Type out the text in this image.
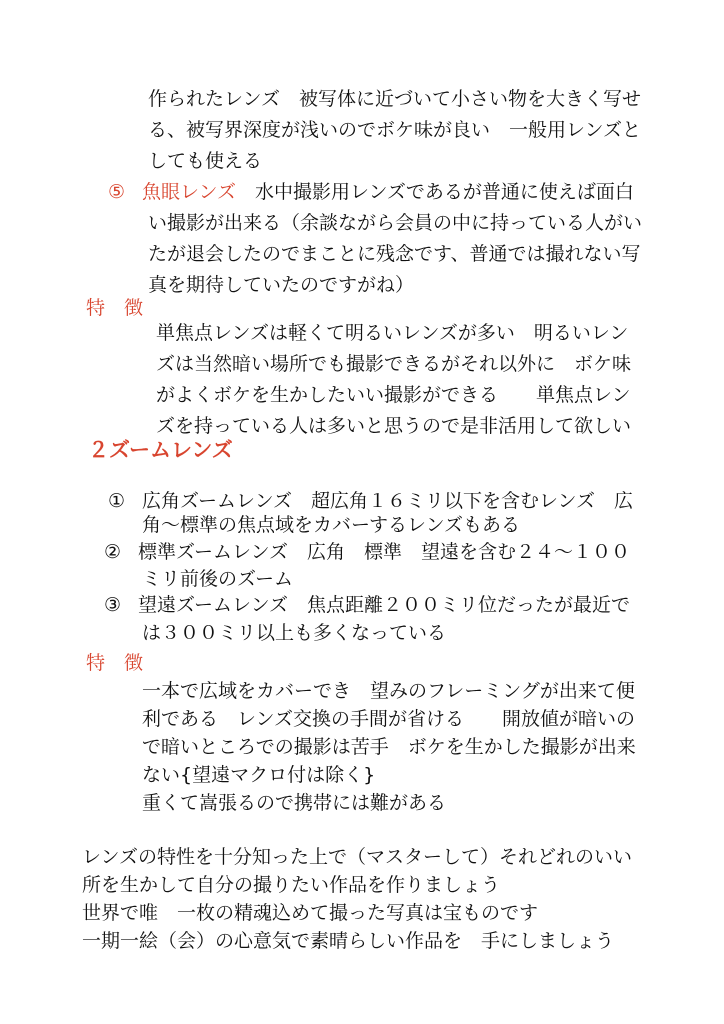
作られたレンズ　被写体に近づいて小さい物を大きく写せ

る、被写界深度が浅いのでボケ味が良い　一般用レンズと

しても使える

⑤ 魚眼レンズ　水中撮影用レンズであるが普通に使えば面白

い撮影が出来る（余談ながら会員の中に持っている人がい

たが退会したのでまことに残念です、普通では撮れない写

真を期待していたのですがね）

特　徴

単焦点レンズは軽くて明るいレンズが多い　明るいレン

ズは当然暗い場所でも撮影できるがそれ以外に　ボケ味

がよくボケを生かしたいい撮影ができる　　単焦点レン

ズを持っている人は多いと思うので是非活用して欲しい

２ズームレンズ

① 広角ズームレンズ　超広角１６ミリ以下を含むレンズ　広

角～標準の焦点域をカバーするレンズもある

② 標準ズームレンズ　広角　標準　望遠を含む２４～１００

ミリ前後のズーム

③ 望遠ズームレンズ　焦点距離２００ミリ位だったが最近で

は３００ミリ以上も多くなっている

特　徴

一本で広域をカバーでき　望みのフレーミングが出来て便

利である　レンズ交換の手間が省ける　　開放値が暗いの

で暗いところでの撮影は苦手　ボケを生かした撮影が出来

ない{望遠マクロ付は除く}

重くて嵩張るので携帯には難がある

レンズの特性を十分知った上で（マスターして）それどれのいい

所を生かして自分の撮りたい作品を作りましょう

世界で唯　一枚の精魂込めて撮った写真は宝ものです

一期一絵（会）の心意気で素晴らしい作品を　手にしましょう
